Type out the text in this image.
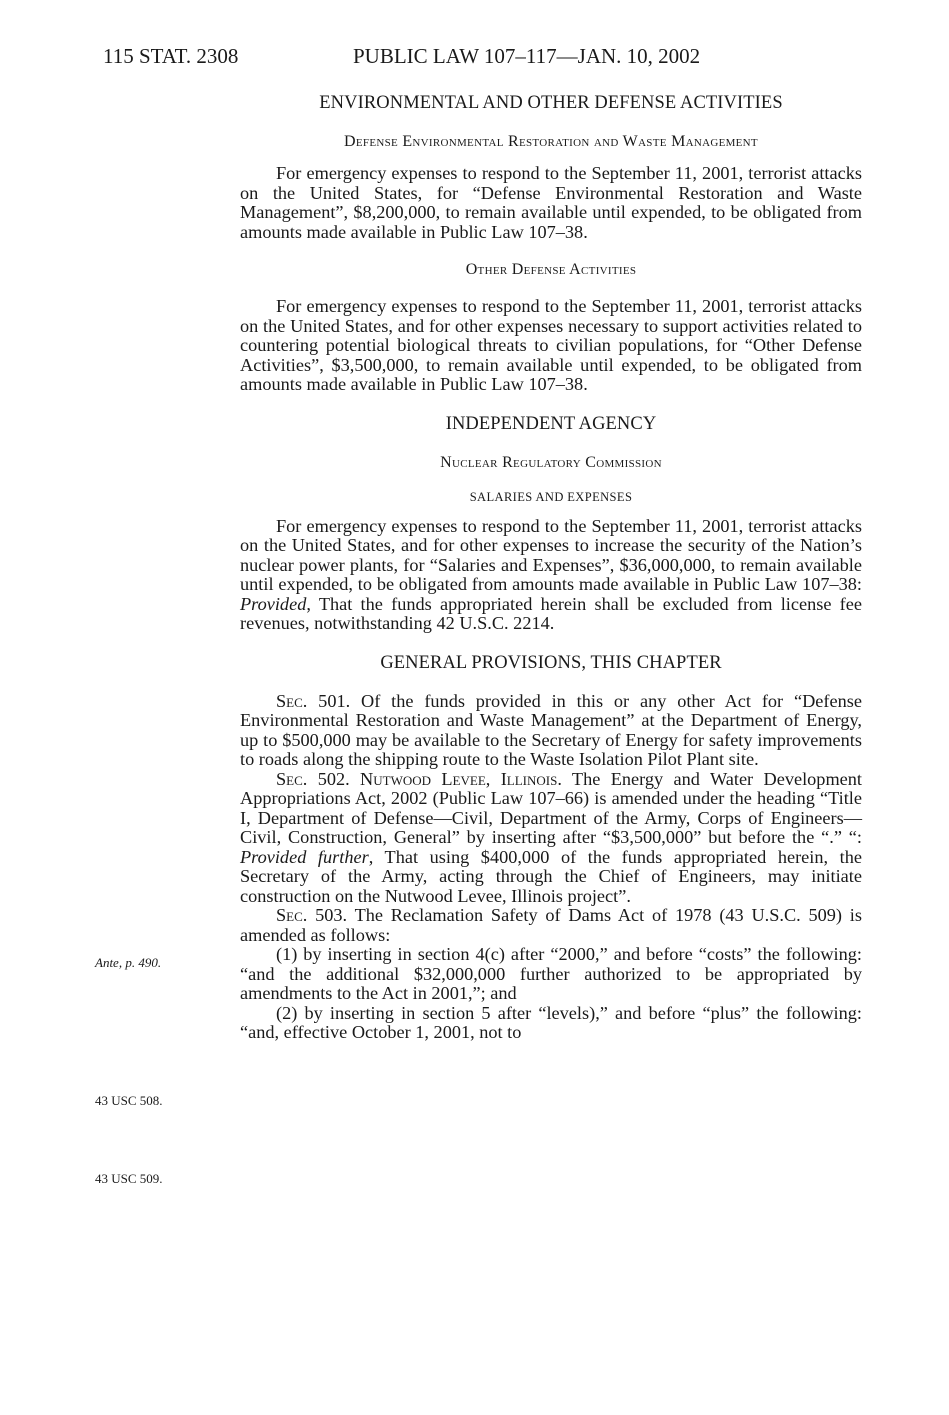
115 STAT. 2308	PUBLIC LAW 107–117—JAN. 10, 2002
Ante, p. 490.
43 USC 508.
43 USC 509.
ENVIRONMENTAL AND OTHER DEFENSE ACTIVITIES
Defense Environmental Restoration and Waste Management
For emergency expenses to respond to the September 11, 2001, terrorist attacks on the United States, for “Defense Environmental Restoration and Waste Management”, $8,200,000, to remain available until expended, to be obligated from amounts made available in Public Law 107–38.
Other Defense Activities
For emergency expenses to respond to the September 11, 2001, terrorist attacks on the United States, and for other expenses necessary to support activities related to countering potential biological threats to civilian populations, for “Other Defense Activities”, $3,500,000, to remain available until expended, to be obligated from amounts made available in Public Law 107–38.
INDEPENDENT AGENCY
Nuclear Regulatory Commission
SALARIES AND EXPENSES
For emergency expenses to respond to the September 11, 2001, terrorist attacks on the United States, and for other expenses to increase the security of the Nation’s nuclear power plants, for “Salaries and Expenses”, $36,000,000, to remain available until expended, to be obligated from amounts made available in Public Law 107–38: Provided, That the funds appropriated herein shall be excluded from license fee revenues, notwithstanding 42 U.S.C. 2214.
GENERAL PROVISIONS, THIS CHAPTER
Sec. 501. Of the funds provided in this or any other Act for “Defense Environmental Restoration and Waste Management” at the Department of Energy, up to $500,000 may be available to the Secretary of Energy for safety improvements to roads along the shipping route to the Waste Isolation Pilot Plant site.
Sec. 502. Nutwood Levee, Illinois. The Energy and Water Development Appropriations Act, 2002 (Public Law 107–66) is amended under the heading “Title I, Department of Defense—Civil, Department of the Army, Corps of Engineers—Civil, Construction, General” by inserting after “$3,500,000” but before the “.” “: Provided further, That using $400,000 of the funds appropriated herein, the Secretary of the Army, acting through the Chief of Engineers, may initiate construction on the Nutwood Levee, Illinois project”.
Sec. 503. The Reclamation Safety of Dams Act of 1978 (43 U.S.C. 509) is amended as follows:
(1) by inserting in section 4(c) after “2000,” and before “costs” the following: “and the additional $32,000,000 further authorized to be appropriated by amendments to the Act in 2001,”; and
(2) by inserting in section 5 after “levels),” and before “plus” the following: “and, effective October 1, 2001, not to
